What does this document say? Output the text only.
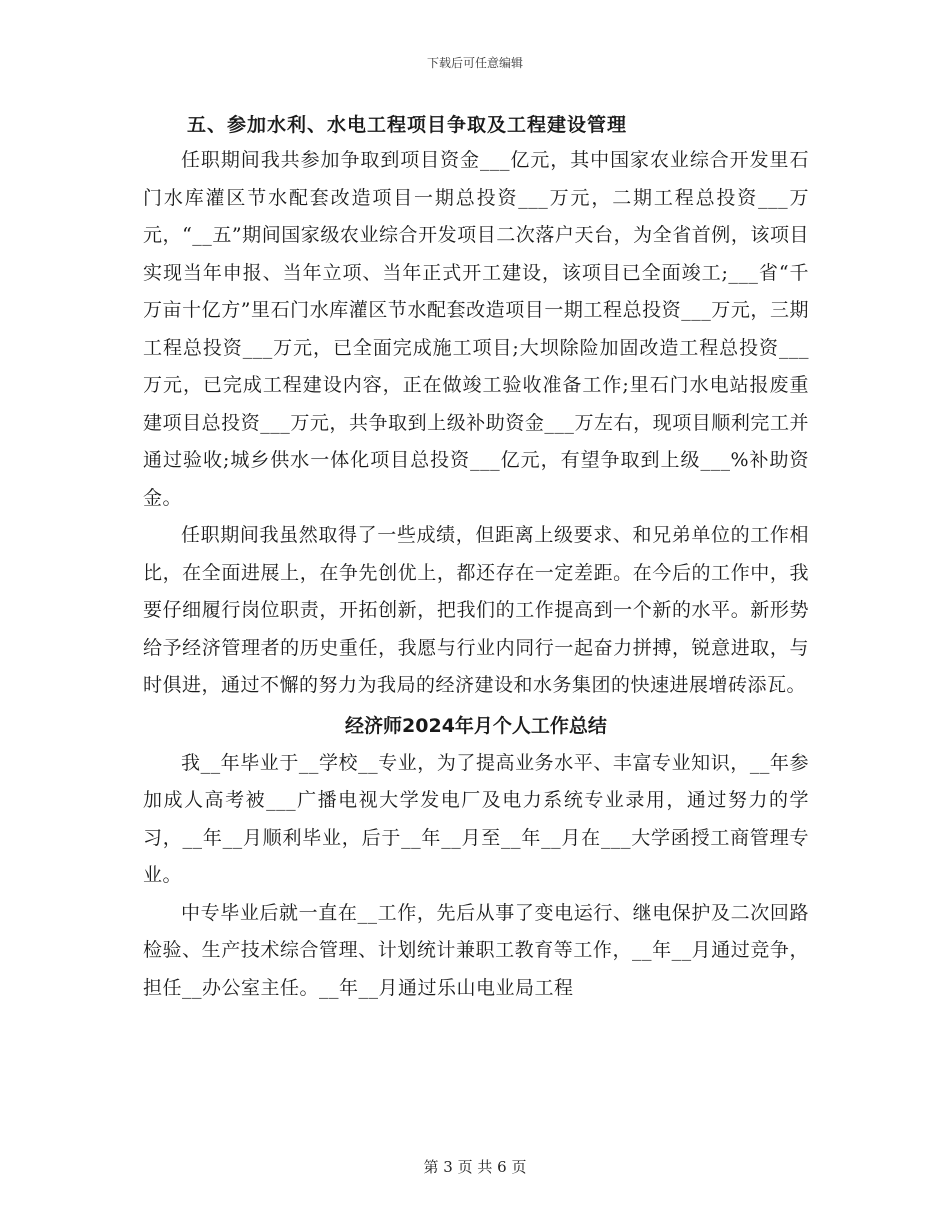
下载后可任意编辑
五、参加水利、水电工程项目争取及工程建设管理

任职期间我共参加争取到项目资金___亿元，其中国家农业综合开发里石门水库灌区节水配套改造项目一期总投资___万元，二期工程总投资___万元，“__五”期间国家级农业综合开发项目二次落户天台，为全省首例，该项目实现当年申报、当年立项、当年正式开工建设，该项目已全面竣工;___省“千万亩十亿方”里石门水库灌区节水配套改造项目一期工程总投资___万元，三期工程总投资___万元，已全面完成施工项目;大坝除险加固改造工程总投资___万元，已完成工程建设内容，正在做竣工验收准备工作;里石门水电站报废重建项目总投资___万元，共争取到上级补助资金___万左右，现项目顺利完工并通过验收;城乡供水一体化项目总投资___亿元，有望争取到上级___%补助资金。

任职期间我虽然取得了一些成绩，但距离上级要求、和兄弟单位的工作相比，在全面进展上，在争先创优上，都还存在一定差距。在今后的工作中，我要仔细履行岗位职责，开拓创新，把我们的工作提高到一个新的水平。新形势给予经济管理者的历史重任，我愿与行业内同行一起奋力拼搏，锐意进取，与时俱进，通过不懈的努力为我局的经济建设和水务集团的快速进展增砖添瓦。

经济师2024年月个人工作总结

我__年毕业于__学校__专业，为了提高业务水平、丰富专业知识，__年参加成人高考被___广播电视大学发电厂及电力系统专业录用，通过努力的学习，__年__月顺利毕业，后于__年__月至__年__月在___大学函授工商管理专业。

中专毕业后就一直在__工作，先后从事了变电运行、继电保护及二次回路检验、生产技术综合管理、计划统计兼职工教育等工作，__年__月通过竞争，担任__办公室主任。__年__月通过乐山电业局工程

第 3 页 共 6 页
